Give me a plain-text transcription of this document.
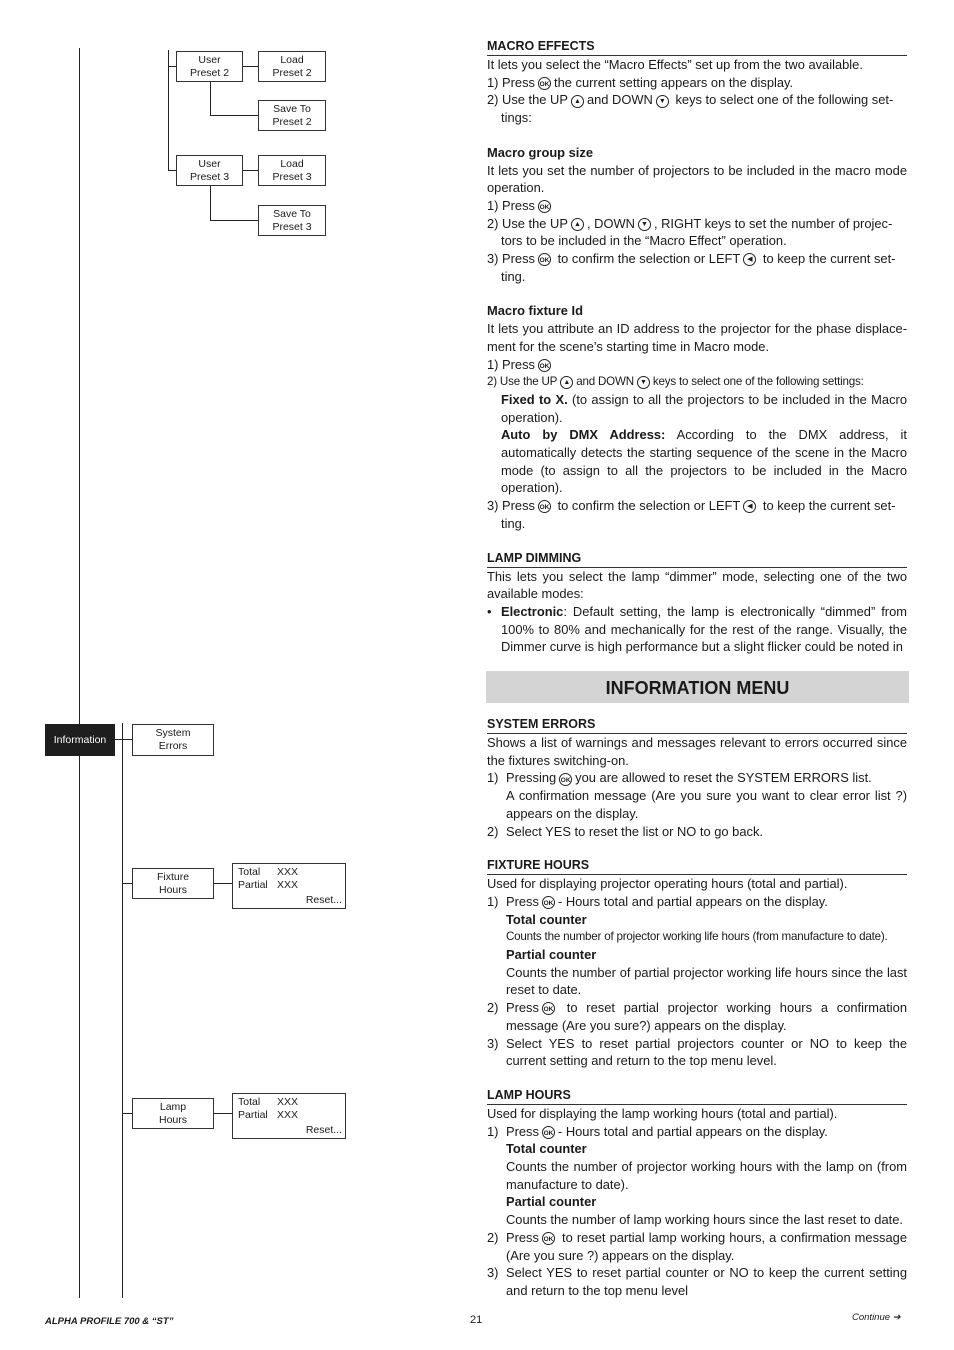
User
Preset 2
Load
Preset 2
Save To
Preset 2
User
Preset 3
Load
Preset 3
Save To
Preset 3
Information
System
Errors
Fixture
Hours
Total XXX
Partial XXX
Reset...
Lamp
Hours
Total XXX
Partial XXX
Reset...

MACRO EFFECTS

It lets you select the “Macro Effects” set up from the two available.

1) Press OK the current setting appears on the display.

2) Use the UP ▲ and DOWN ▼ keys to select one of the following set-

tings:

Macro group size

It lets you set the number of projectors to be included in the macro mode operation.

1) Press OK

2) Use the UP ▲ , DOWN ▼ , RIGHT keys to set the number of projec-

tors to be included in the “Macro Effect” operation.

3) Press OK to confirm the selection or LEFT ◀ to keep the current set-

ting.

Macro fixture Id

It lets you attribute an ID address to the projector for the phase displace-ment for the scene’s starting time in Macro mode.

1) Press OK

2) Use the UP ▲ and DOWN ▼ keys to select one of the following settings:

Fixed to X. (to assign to all the projectors to be included in the Macro operation).

Auto by DMX Address: According to the DMX address, it automatically detects the starting sequence of the scene in the Macro mode (to assign to all the projectors to be included in the Macro operation).

3) Press OK to confirm the selection or LEFT ◀ to keep the current set-

ting.

LAMP DIMMING

This lets you select the lamp “dimmer” mode, selecting one of the two available modes:

• Electronic: Default setting, the lamp is electronically “dimmed” from 100% to 80% and mechanically for the rest of the range. Visually, the Dimmer curve is high performance but a slight flicker could be noted in
INFORMATION MENU

SYSTEM ERRORS

Shows a list of warnings and messages relevant to errors occurred since the fixtures switching-on.

1) Pressing OK you are allowed to reset the SYSTEM ERRORS list.

A confirmation message (Are you sure you want to clear error list ?) appears on the display.

2) Select YES to reset the list or NO to go back.

FIXTURE HOURS

Used for displaying projector operating hours (total and partial).

1) Press OK - Hours total and partial appears on the display.

Total counter

Counts the number of projector working life hours (from manufacture to date).

Partial counter

Counts the number of partial projector working life hours since the last reset to date.

2) Press OK to reset partial projector working hours a confirmation message (Are you sure?) appears on the display.
3) Select YES to reset partial projectors counter or NO to keep the current setting and return to the top menu level.

LAMP HOURS

Used for displaying the lamp working hours (total and partial).

1) Press OK - Hours total and partial appears on the display.

Total counter

Counts the number of projector working hours with the lamp on (from manufacture to date).

Partial counter

Counts the number of lamp working hours since the last reset to date.

2) Press OK to reset partial lamp working hours, a confirmation message (Are you sure ?) appears on the display.
3) Select YES to reset partial counter or NO to keep the current setting and return to the top menu level
ALPHA PROFILE 700 & “ST”	21	Continue ➔
